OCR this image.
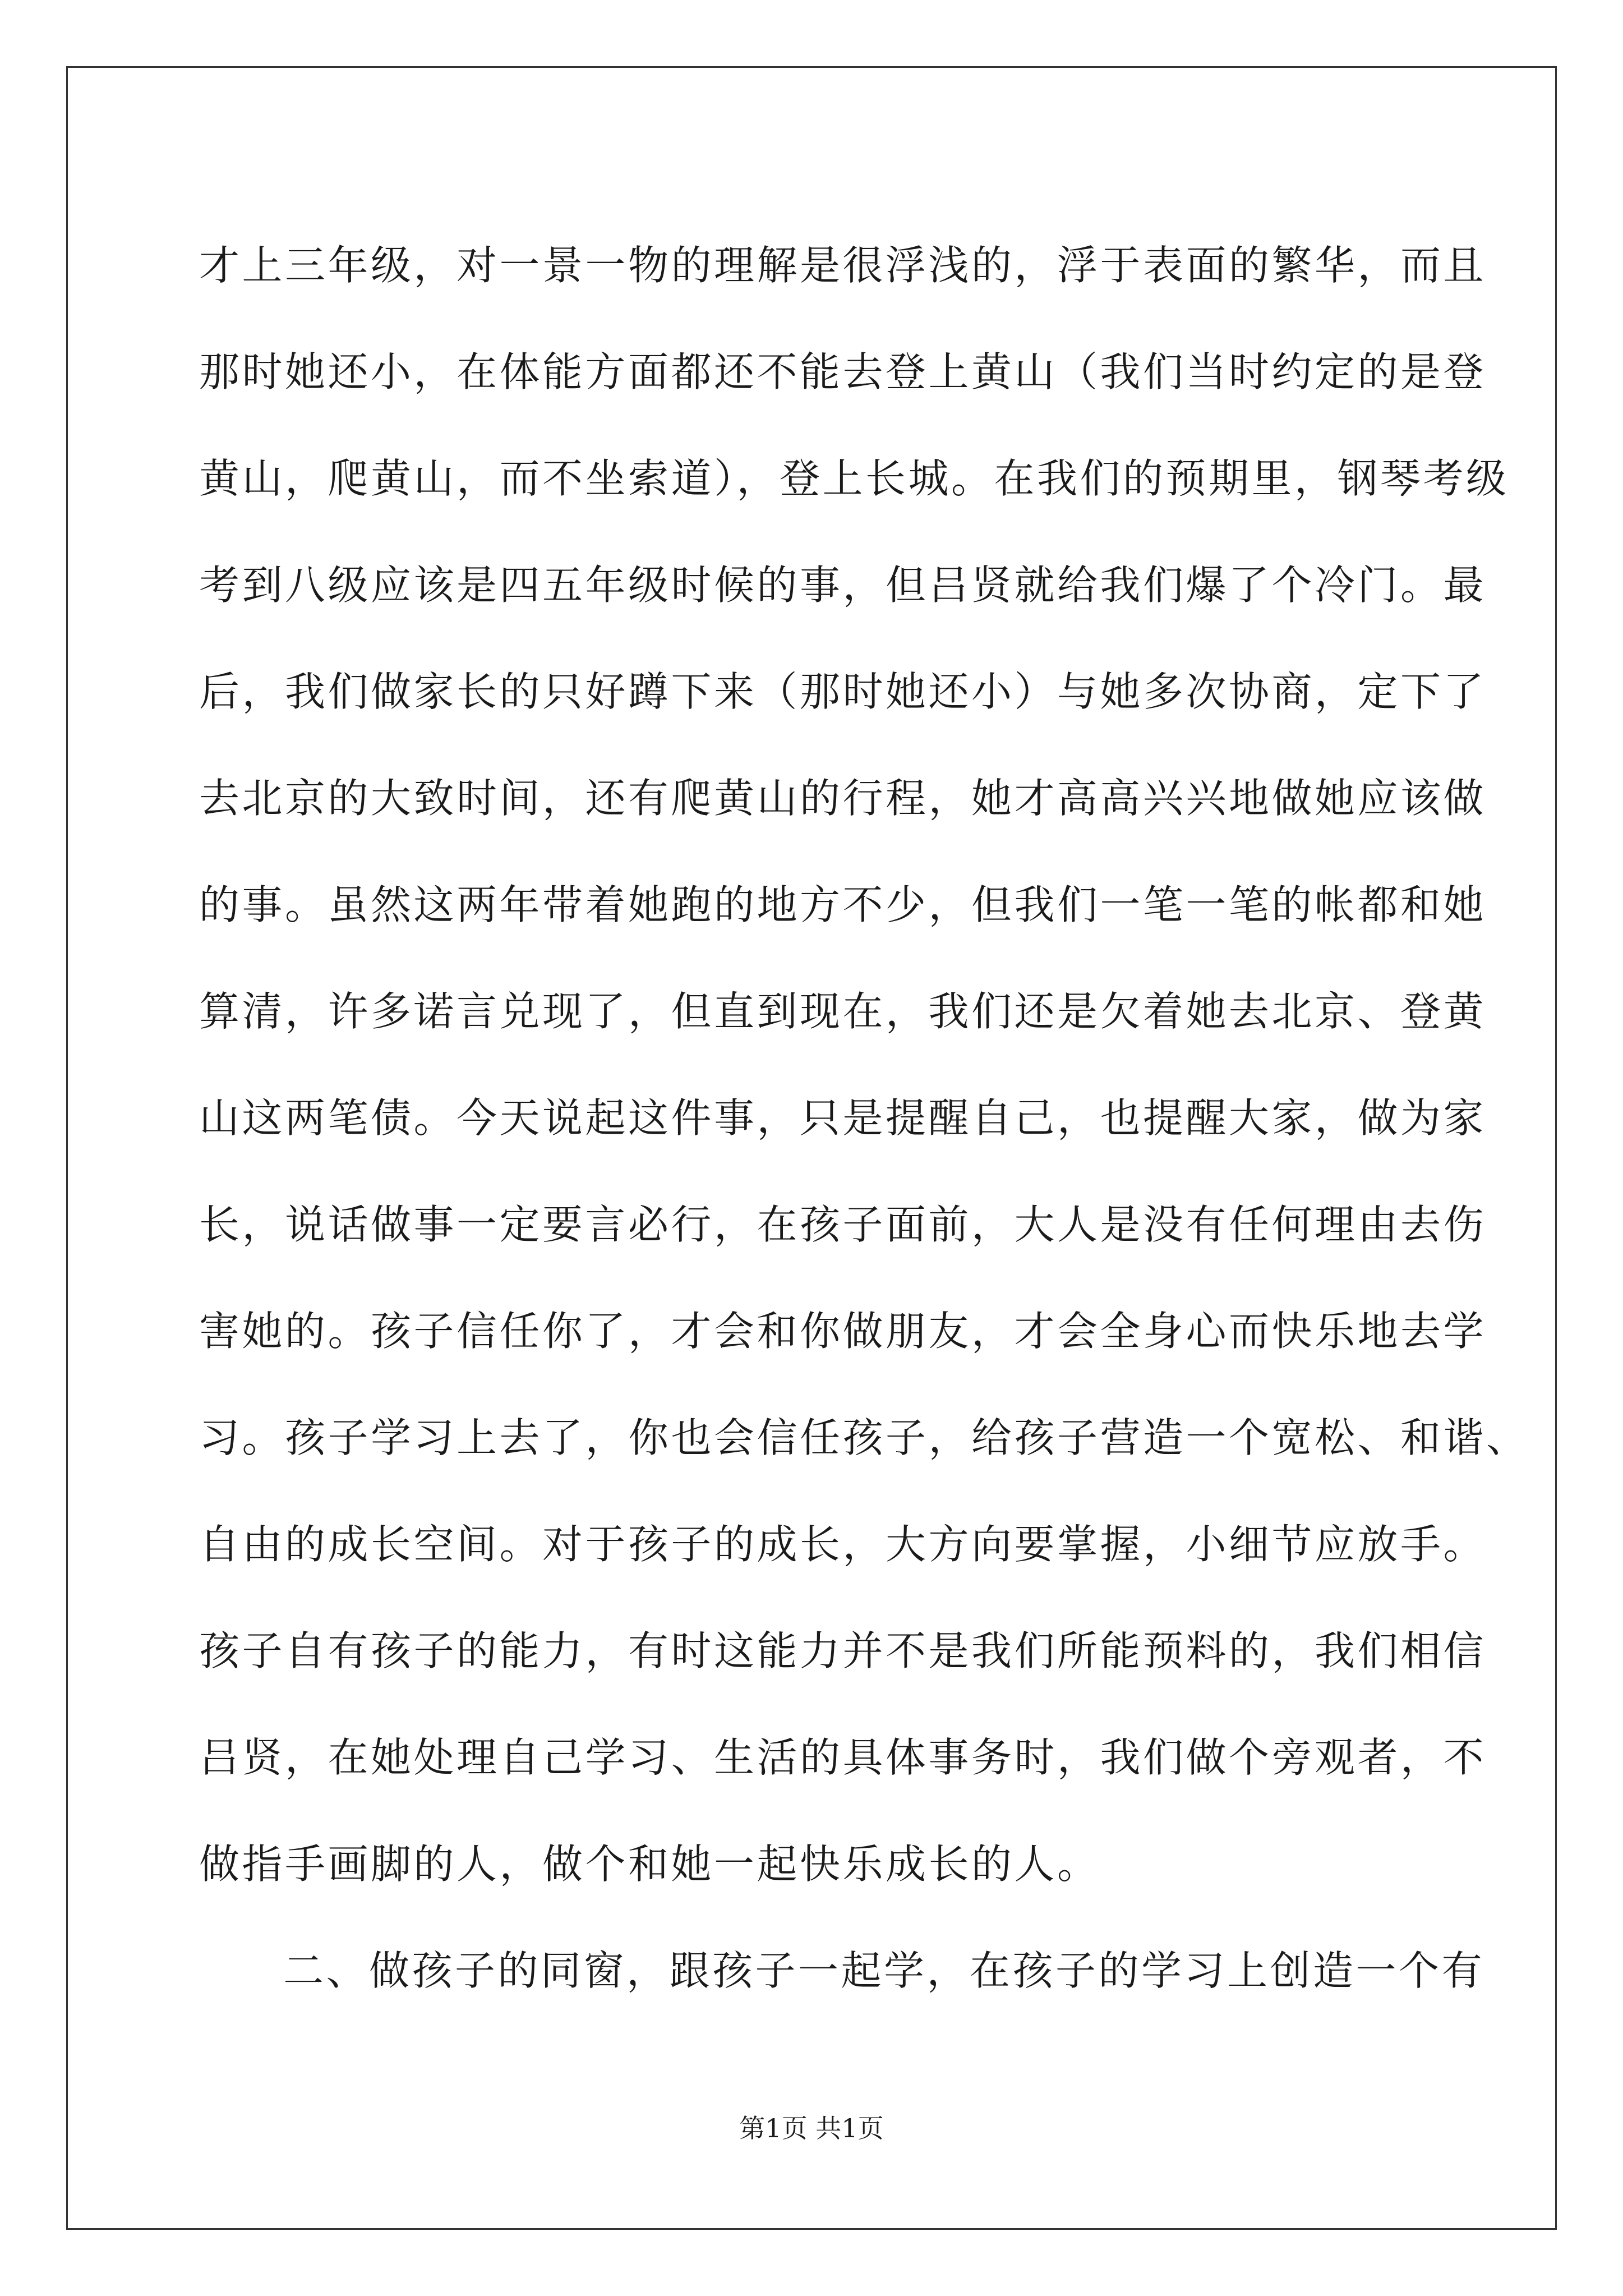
才上三年级，对一景一物的理解是很浮浅的，浮于表面的繁华，而且
那时她还小，在体能方面都还不能去登上黄山（我们当时约定的是登
黄山，爬黄山，而不坐索道），登上长城。在我们的预期里，钢琴考级
考到八级应该是四五年级时候的事，但吕贤就给我们爆了个冷门。最
后，我们做家长的只好蹲下来（那时她还小）与她多次协商，定下了
去北京的大致时间，还有爬黄山的行程，她才高高兴兴地做她应该做
的事。虽然这两年带着她跑的地方不少，但我们一笔一笔的帐都和她
算清，许多诺言兑现了，但直到现在，我们还是欠着她去北京、登黄
山这两笔债。今天说起这件事，只是提醒自己，也提醒大家，做为家
长，说话做事一定要言必行，在孩子面前，大人是没有任何理由去伤
害她的。孩子信任你了，才会和你做朋友，才会全身心而快乐地去学
习。孩子学习上去了，你也会信任孩子，给孩子营造一个宽松、和谐、
自由的成长空间。对于孩子的成长，大方向要掌握，小细节应放手。
孩子自有孩子的能力，有时这能力并不是我们所能预料的，我们相信
吕贤，在她处理自己学习、生活的具体事务时，我们做个旁观者，不
做指手画脚的人，做个和她一起快乐成长的人。
二、做孩子的同窗，跟孩子一起学，在孩子的学习上创造一个有
第1页 共1页
